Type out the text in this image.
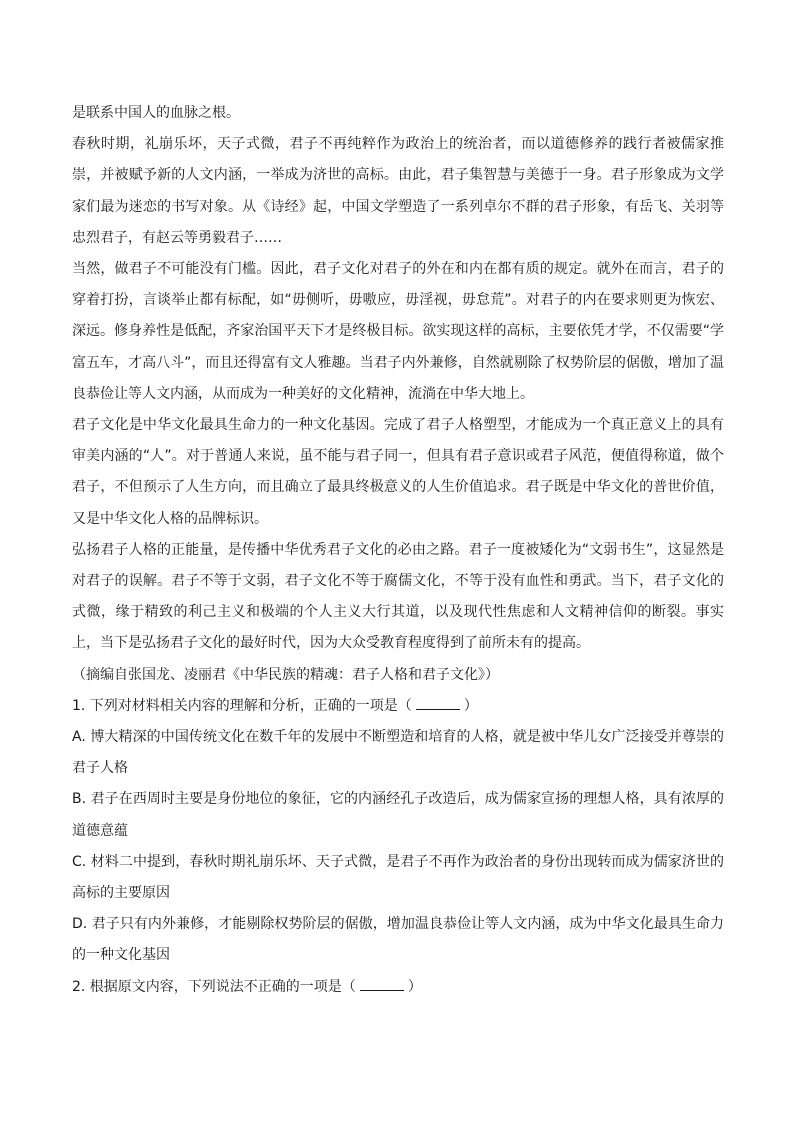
是联系中国人的血脉之根。

春秋时期，礼崩乐坏，天子式微，君子不再纯粹作为政治上的统治者，而以道德修养的践行者被儒家推崇，并被赋予新的人文内涵，一举成为济世的高标。由此，君子集智慧与美德于一身。君子形象成为文学家们最为迷恋的书写对象。从《诗经》起，中国文学塑造了一系列卓尔不群的君子形象，有岳飞、关羽等忠烈君子，有赵云等勇毅君子……

当然，做君子不可能没有门槛。因此，君子文化对君子的外在和内在都有质的规定。就外在而言，君子的穿着打扮，言谈举止都有标配，如“毋侧听，毋嗷应，毋淫视，毋怠荒”。对君子的内在要求则更为恢宏、深远。修身养性是低配，齐家治国平天下才是终极目标。欲实现这样的高标，主要依凭才学，不仅需要“学富五车，才高八斗”，而且还得富有文人雅趣。当君子内外兼修，自然就剔除了权势阶层的倨傲，增加了温良恭俭让等人文内涵，从而成为一种美好的文化精神，流淌在中华大地上。

君子文化是中华文化最具生命力的一种文化基因。完成了君子人格塑型，才能成为一个真正意义上的具有审美内涵的“人”。对于普通人来说，虽不能与君子同一，但具有君子意识或君子风范，便值得称道，做个君子，不但预示了人生方向，而且确立了最具终极意义的人生价值追求。君子既是中华文化的普世价值，又是中华文化人格的品牌标识。

弘扬君子人格的正能量，是传播中华优秀君子文化的必由之路。君子一度被矮化为“文弱书生”，这显然是对君子的误解。君子不等于文弱，君子文化不等于腐儒文化，不等于没有血性和勇武。当下，君子文化的式微，缘于精致的利己主义和极端的个人主义大行其道，以及现代性焦虑和人文精神信仰的断裂。事实上，当下是弘扬君子文化的最好时代，因为大众受教育程度得到了前所未有的提高。

（摘编自张国龙、凌丽君《中华民族的精魂：君子人格和君子文化》）

1. 下列对材料相关内容的理解和分析，正确的一项是（	）

A. 博大精深的中国传统文化在数千年的发展中不断塑造和培育的人格，就是被中华儿女广泛接受并尊崇的君子人格

B. 君子在西周时主要是身份地位的象征，它的内涵经孔子改造后，成为儒家宣扬的理想人格，具有浓厚的道德意蕴

C. 材料二中提到，春秋时期礼崩乐坏、天子式微，是君子不再作为政治者的身份出现转而成为儒家济世的高标的主要原因

D. 君子只有内外兼修，才能剔除权势阶层的倨傲，增加温良恭俭让等人文内涵，成为中华文化最具生命力的一种文化基因

2. 根据原文内容，下列说法不正确的一项是（	）
